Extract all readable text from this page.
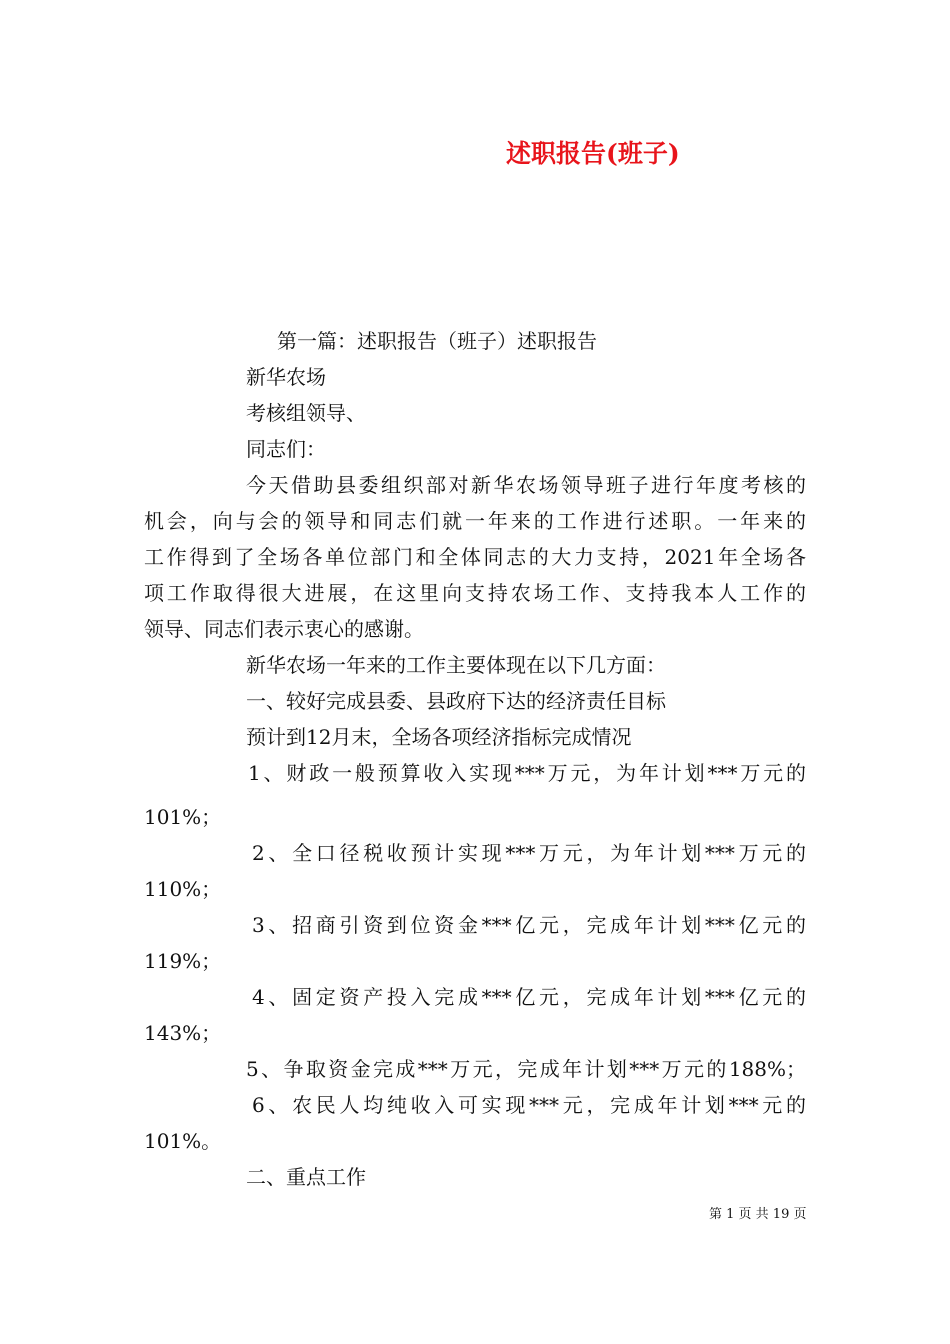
述职报告(班子)
第一篇：述职报告（班子）述职报告
新华农场
考核组领导、
同志们：
今天借助县委组织部对新华农场领导班子进行年度考核的
机会，向与会的领导和同志们就一年来的工作进行述职。一年来的
工作得到了全场各单位部门和全体同志的大力支持，2021年全场各
项工作取得很大进展，在这里向支持农场工作、支持我本人工作的
领导、同志们表示衷心的感谢。
新华农场一年来的工作主要体现在以下几方面：
一、较好完成县委、县政府下达的经济责任目标
预计到12月末，全场各项经济指标完成情况
1、财政一般预算收入实现***万元，为年计划***万元的
101%；
2、全口径税收预计实现***万元，为年计划***万元的
110%；
3、招商引资到位资金***亿元，完成年计划***亿元的
119%；
4、固定资产投入完成***亿元，完成年计划***亿元的
143%；
5、争取资金完成***万元，完成年计划***万元的188%；
6、农民人均纯收入可实现***元，完成年计划***元的
101%。
二、重点工作
第 1 页 共 19 页
